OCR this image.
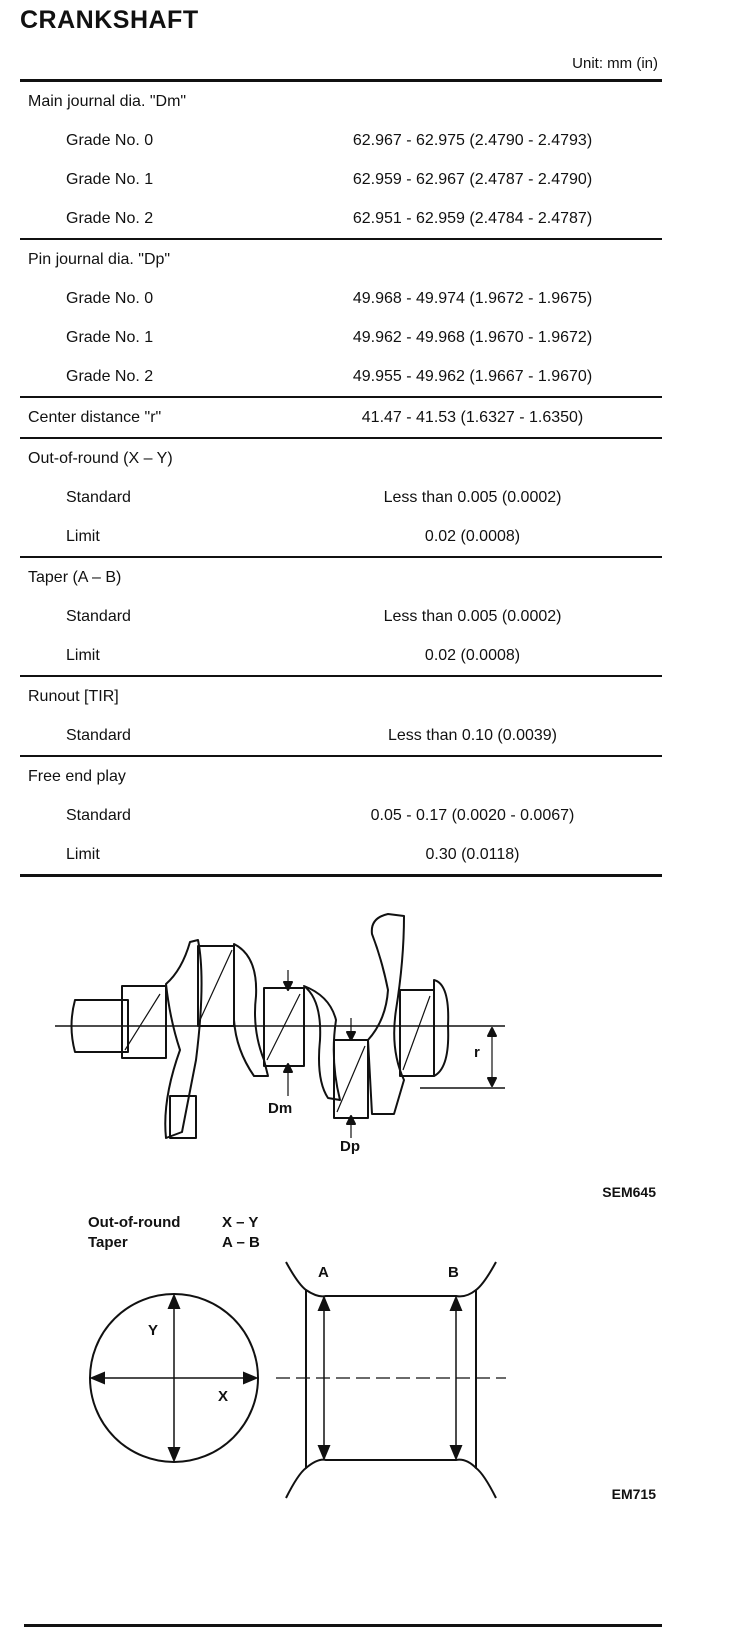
CRANKSHAFT
Unit: mm (in)	
Main journal dia. "Dm"	
Grade No. 0	62.967 - 62.975 (2.4790 - 2.4793)
Grade No. 1	62.959 - 62.967 (2.4787 - 2.4790)
Grade No. 2	62.951 - 62.959 (2.4784 - 2.4787)
Pin journal dia. "Dp"	
Grade No. 0	49.968 - 49.974 (1.9672 - 1.9675)
Grade No. 1	49.962 - 49.968 (1.9670 - 1.9672)
Grade No. 2	49.955 - 49.962 (1.9667 - 1.9670)
Center distance "r"	41.47 - 41.53 (1.6327 - 1.6350)
Out-of-round (X – Y)	
Standard	Less than 0.005 (0.0002)
Limit	0.02 (0.0008)
Taper (A – B)	
Standard	Less than 0.005 (0.0002)
Limit	0.02 (0.0008)
Runout [TIR]	
Standard	Less than 0.10 (0.0039)
Free end play	
Standard	0.05 - 0.17 (0.0020 - 0.0067)
Limit	0.30 (0.0118)
Dm
Dp
r
SEM645
Out-of-round	X – Y
Taper	A – B
Y
X
A	B
EM715
